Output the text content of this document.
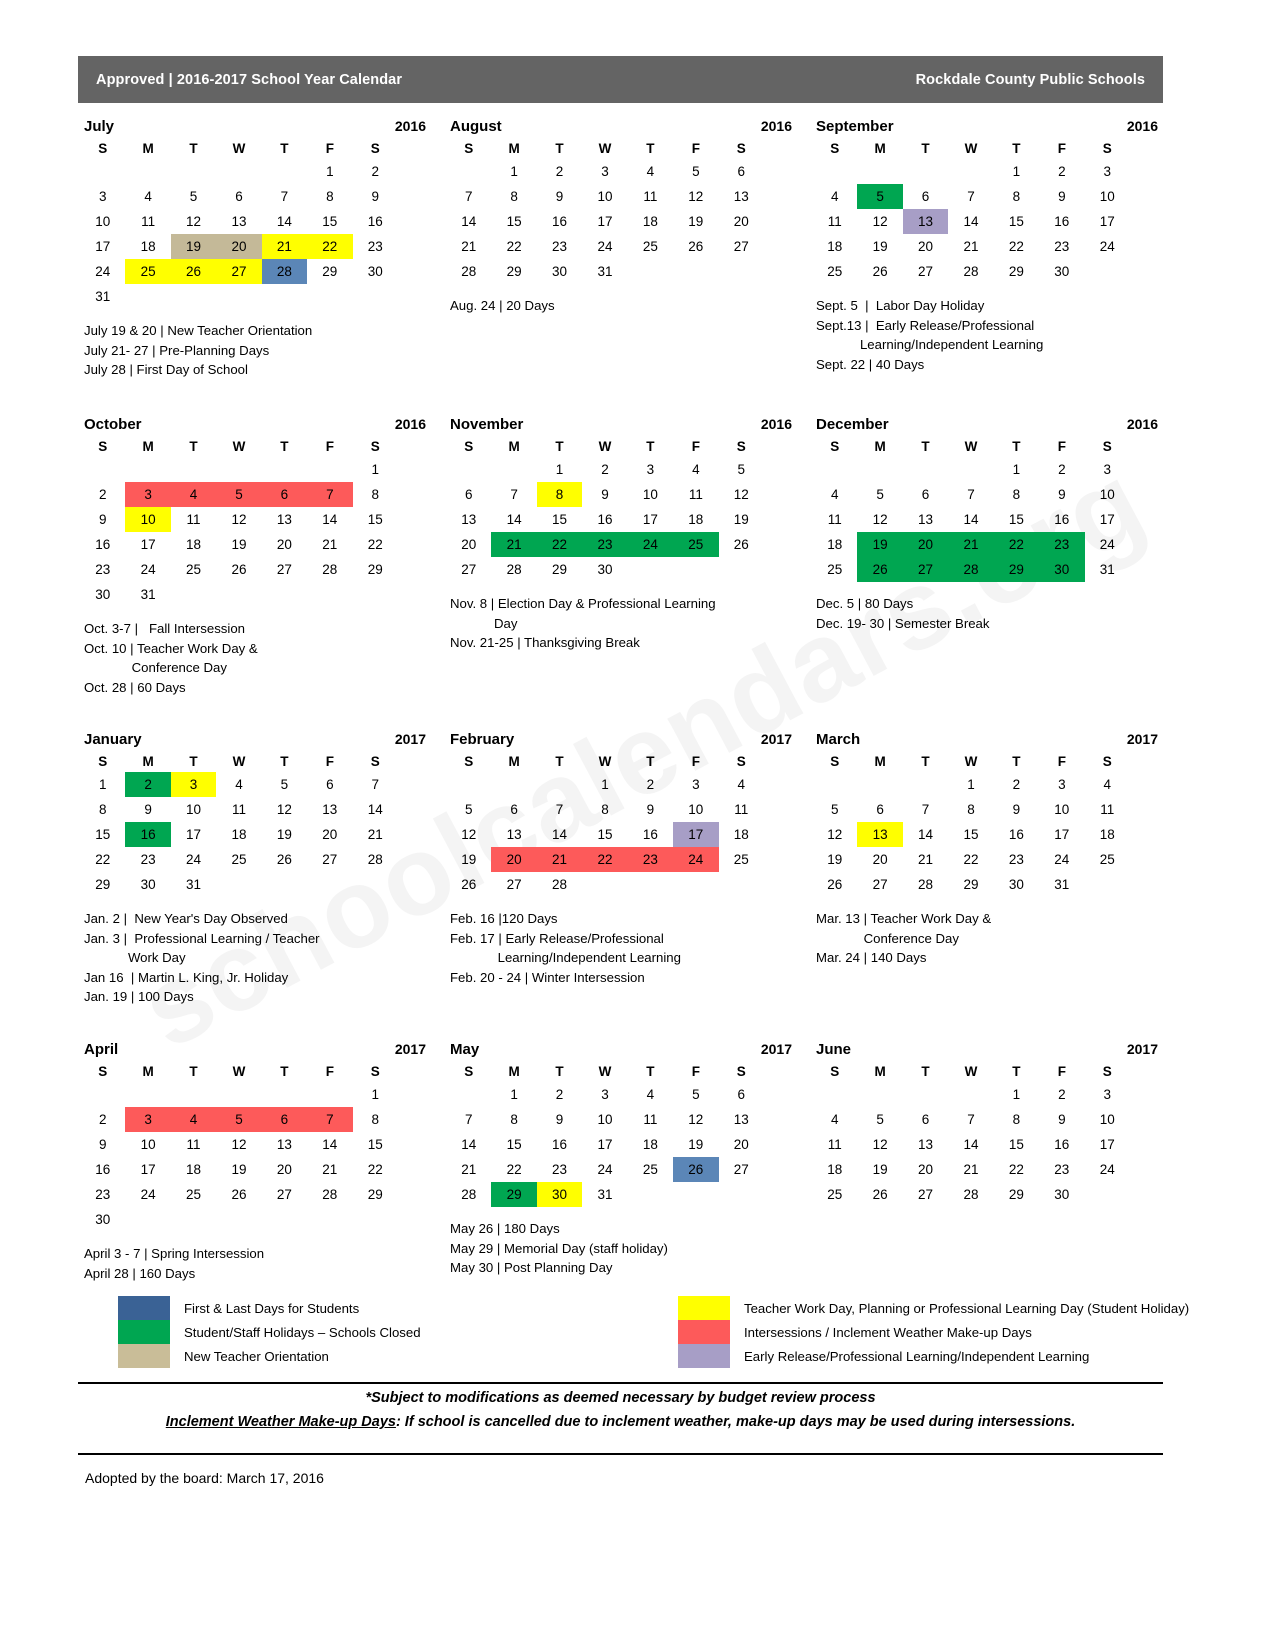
Approved | 2016-2017 School Year Calendar	Rockdale County Public Schools
July	2016
S	M	T	W	T	F	S
					1	2
3	4	5	6	7	8	9
10	11	12	13	14	15	16
17	18	19	20	21	22	23
24	25	26	27	28	29	30
31						
July 19 & 20 | New Teacher Orientation
July 21- 27 | Pre-Planning Days
July 28 | First Day of School
August	2016
S	M	T	W	T	F	S
	1	2	3	4	5	6
7	8	9	10	11	12	13
14	15	16	17	18	19	20
21	22	23	24	25	26	27
28	29	30	31			
Aug. 24 | 20 Days
September	2016
S	M	T	W	T	F	S
				1	2	3
4	5	6	7	8	9	10
11	12	13	14	15	16	17
18	19	20	21	22	23	24
25	26	27	28	29	30	
Sept. 5  |  Labor Day Holiday
Sept.13 |  Early Release/Professional
Learning/Independent Learning
Sept. 22 | 40 Days
October	2016
S	M	T	W	T	F	S
						1
2	3	4	5	6	7	8
9	10	11	12	13	14	15
16	17	18	19	20	21	22
23	24	25	26	27	28	29
30	31					
Oct. 3-7 |   Fall Intersession
Oct. 10 | Teacher Work Day &
Conference Day
Oct. 28 | 60 Days
November	2016
S	M	T	W	T	F	S
		1	2	3	4	5
6	7	8	9	10	11	12
13	14	15	16	17	18	19
20	21	22	23	24	25	26
27	28	29	30			
Nov. 8 | Election Day & Professional Learning
Day
Nov. 21-25 | Thanksgiving Break
December	2016
S	M	T	W	T	F	S
				1	2	3
4	5	6	7	8	9	10
11	12	13	14	15	16	17
18	19	20	21	22	23	24
25	26	27	28	29	30	31
Dec. 5 | 80 Days
Dec. 19- 30 | Semester Break
January	2017
S	M	T	W	T	F	S
1	2	3	4	5	6	7
8	9	10	11	12	13	14
15	16	17	18	19	20	21
22	23	24	25	26	27	28
29	30	31				
Jan. 2 |  New Year's Day Observed
Jan. 3 |  Professional Learning / Teacher
Work Day
Jan 16  | Martin L. King, Jr. Holiday
Jan. 19 | 100 Days
February	2017
S	M	T	W	T	F	S
			1	2	3	4
5	6	7	8	9	10	11
12	13	14	15	16	17	18
19	20	21	22	23	24	25
26	27	28				
Feb. 16 |120 Days
Feb. 17 | Early Release/Professional
Learning/Independent Learning
Feb. 20 - 24 | Winter Intersession
March	2017
S	M	T	W	T	F	S
			1	2	3	4
5	6	7	8	9	10	11
12	13	14	15	16	17	18
19	20	21	22	23	24	25
26	27	28	29	30	31	
Mar. 13 | Teacher Work Day &
Conference Day
Mar. 24 | 140 Days
April	2017
S	M	T	W	T	F	S
						1
2	3	4	5	6	7	8
9	10	11	12	13	14	15
16	17	18	19	20	21	22
23	24	25	26	27	28	29
30						
April 3 - 7 | Spring Intersession
April 28 | 160 Days
May	2017
S	M	T	W	T	F	S
	1	2	3	4	5	6
7	8	9	10	11	12	13
14	15	16	17	18	19	20
21	22	23	24	25	26	27
28	29	30	31			
May 26 | 180 Days
May 29 | Memorial Day (staff holiday)
May 30 | Post Planning Day
June	2017
S	M	T	W	T	F	S
				1	2	3
4	5	6	7	8	9	10
11	12	13	14	15	16	17
18	19	20	21	22	23	24
25	26	27	28	29	30	
First & Last Days for Students
Student/Staff Holidays – Schools Closed
New Teacher Orientation
Teacher Work Day, Planning or Professional Learning Day (Student Holiday)
Intersessions / Inclement Weather Make-up Days
Early Release/Professional Learning/Independent Learning
*Subject to modifications as deemed necessary by budget review process
Inclement Weather Make-up Days: If school is cancelled due to inclement weather, make-up days may be used during intersessions.
Adopted by the board: March 17, 2016
